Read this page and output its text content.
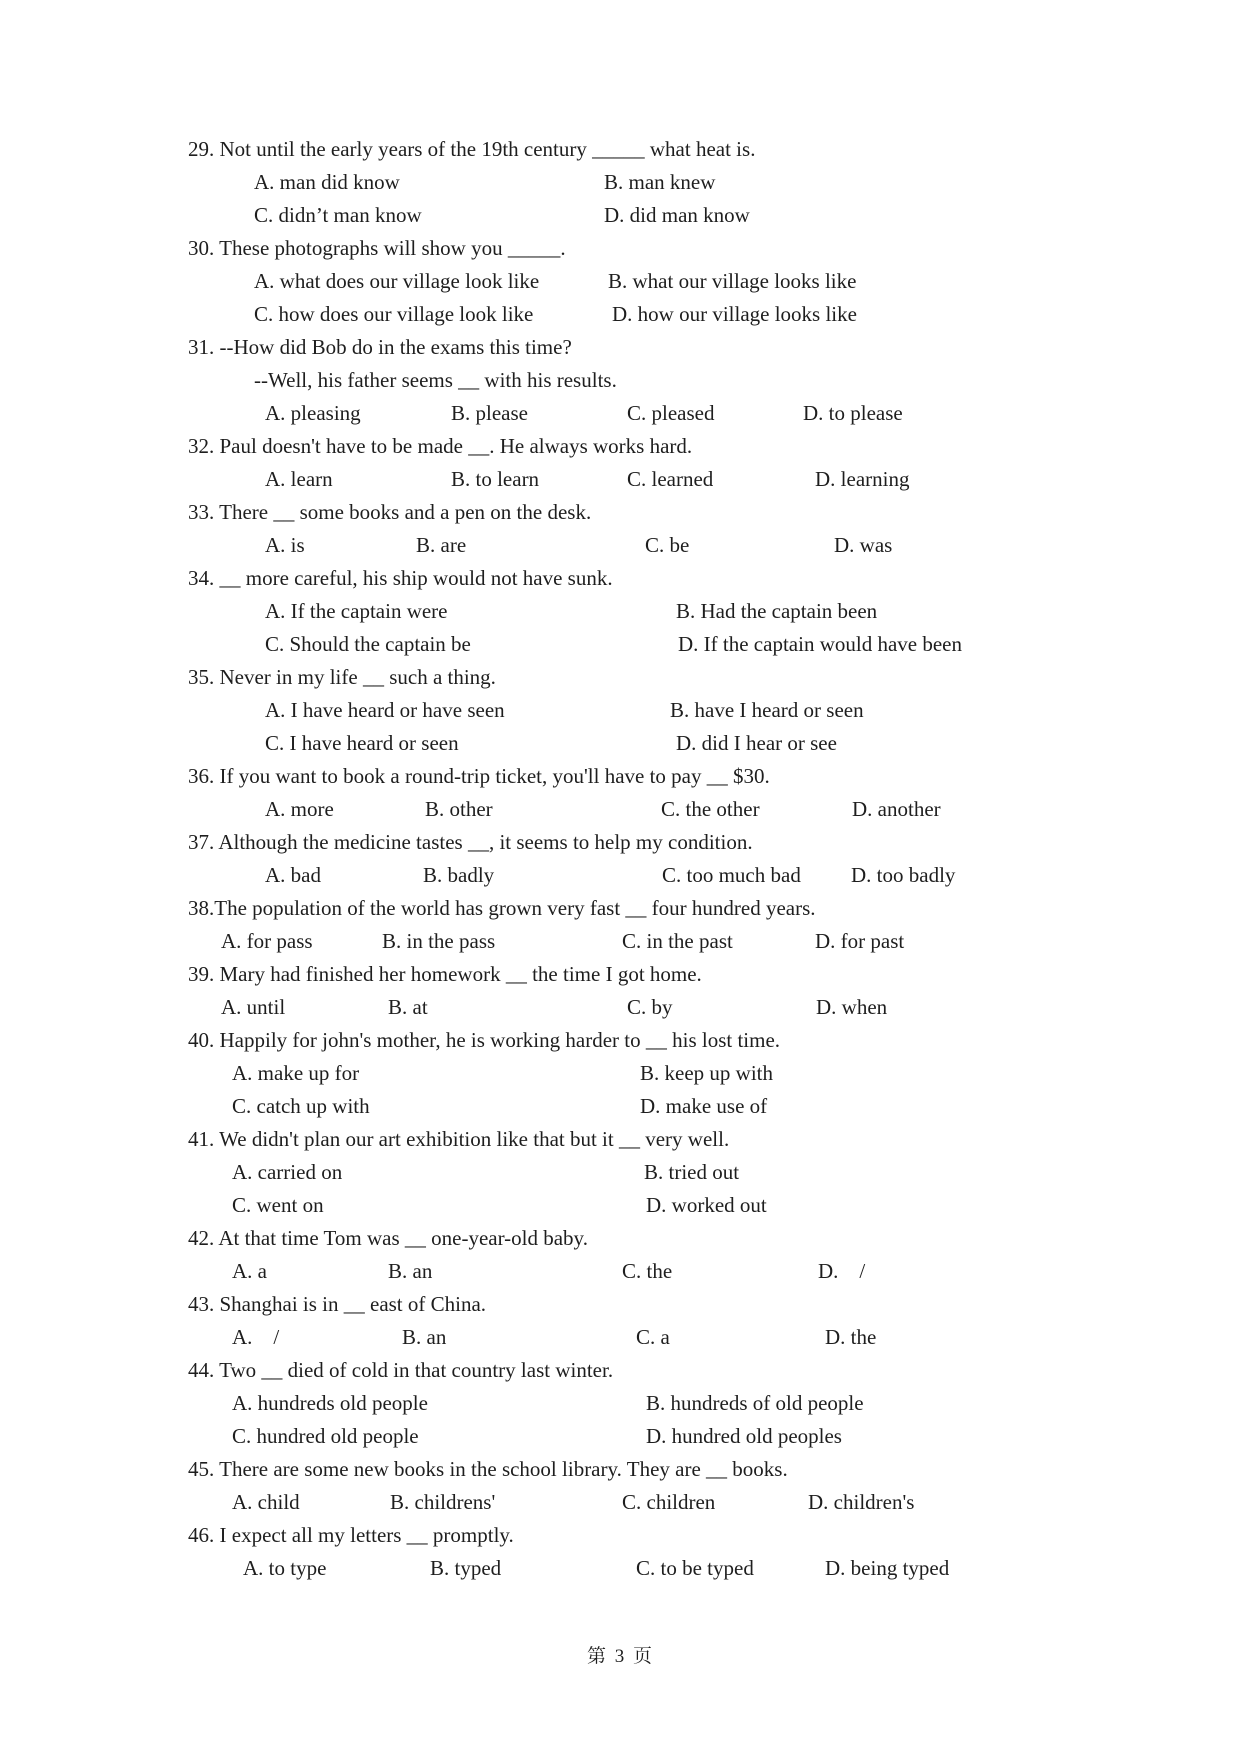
29. Not until the early years of the 19th century _____ what heat is.
A. man did know	B. man knew
C. didn’t man know	D. did man know
30. These photographs will show you _____.
A. what does our village look like	B. what our village looks like
C. how does our village look like	D. how our village looks like
31. --How did Bob do in the exams this time?
--Well, his father seems __ with his results.
A. pleasing	B. please	C. pleased	D. to please
32. Paul doesn't have to be made __. He always works hard.
A. learn	B. to learn	C. learned	D. learning
33. There __ some books and a pen on the desk.
A. is	B. are	C. be	D. was
34. __ more careful, his ship would not have sunk.
A. If the captain were	B. Had the captain been
C. Should the captain be	D. If the captain would have been
35. Never in my life __ such a thing.
A. I have heard or have seen	B. have I heard or seen
C. I have heard or seen	D. did I hear or see
36. If you want to book a round-trip ticket, you'll have to pay __ $30.
A. more	B. other	C. the other	D. another
37. Although the medicine tastes __, it seems to help my condition.
A. bad	B. badly	C. too much bad D. too badly
38.The population of the world has grown very fast __ four hundred years.
A. for pass	B. in the pass	C. in the past	D. for past
39. Mary had finished her homework __ the time I got home.
A. until	B. at	C. by	D. when
40. Happily for john's mother, he is working harder to __ his lost time.
A. make up for	B. keep up with
C. catch up with	D. make use of
41. We didn't plan our art exhibition like that but it __ very well.
A. carried on	B. tried out
C. went on	D. worked out
42. At that time Tom was __ one-year-old baby.
A. a	B. an	C. the	D.    /
43. Shanghai is in __ east of China.
A.    /	B. an	C. a	D. the
44. Two __ died of cold in that country last winter.
A. hundreds old people	B. hundreds of old people
C. hundred old people	D. hundred old peoples
45. There are some new books in the school library. They are __ books.
A. child	B. childrens'	C. children	D. children's
46. I expect all my letters __ promptly.
A. to type	B. typed	C. to be typed	D. being typed
第 3 页
